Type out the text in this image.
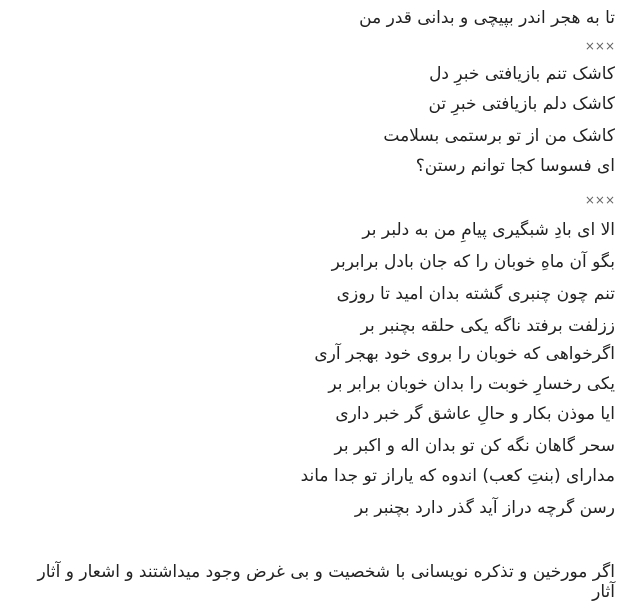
تا به هجر اندر بپیچی و بدانی قدر من
×××
کاشک تنم بازیافتی خبرِ دل
کاشک دلم بازیافتی خبرِ تن
کاشک من از تو برستمی بسلامت
ای فسوسا کجا توانم رستن؟
×××
الا ای بادِ شبگیری پیامِ من به دلبر بر
بگو آن ماهِ خوبان را که جان بادل برابربر
تنم چون چنبری گشته بدان امید تا روزی
ززلفت برفتد ناگه یکی حلقه بچنبر بر
اگرخواهی که خوبان را بروی خود بهجر آری
یکی رخسارِ خوبت را بدان خوبان برابر بر
ایا موذن بکار و حالِ عاشق گر خبر داری
سحر گاهان نگه کن تو بدان اله و اکبر بر
مدارای (بنتِ کعب) اندوه که یاراز تو جدا ماند
رسن گرچه دراز آید گذر دارد بچنبر بر
اگر مورخین و تذکره نویسانی با شخصیت و بی غرض وجود میداشتند و اشعار و آثار
آثار
